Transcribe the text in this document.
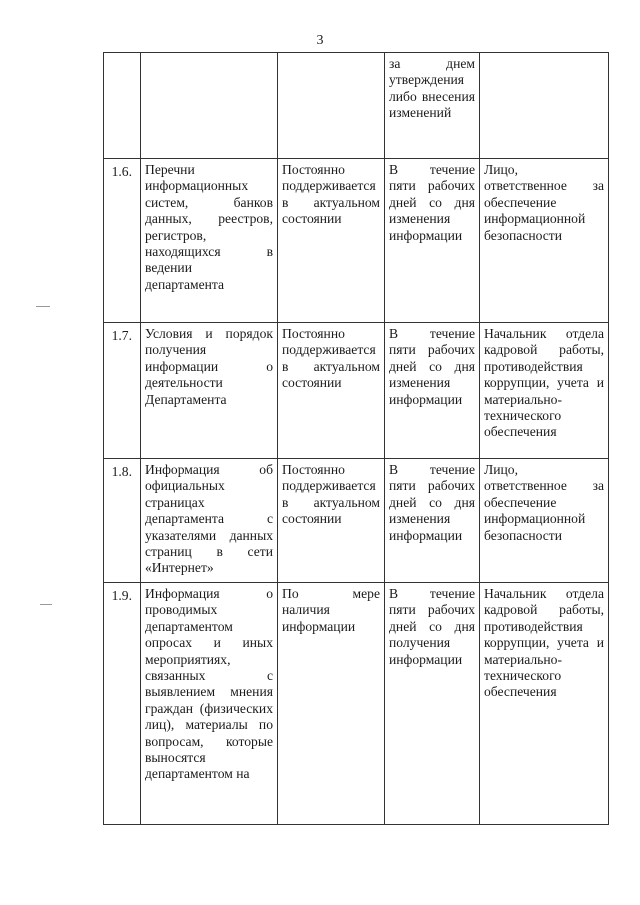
3

			за днем утверждения либо внесения изменений	

1.6.	Перечни информационных систем, банков данных, реестров, регистров, находящихся в ведении департамента	Постоянно поддерживается в актуальном состоянии	В течение пяти рабочих дней со дня изменения информации	Лицо, ответственное за обеспечение информационной безопасности

1.7.	Условия и порядок получения информации о деятельности Департамента	Постоянно поддерживается в актуальном состоянии	В течение пяти рабочих дней со дня изменения информации	Начальник отдела кадровой работы, противодействия коррупции, учета и материально-технического обеспечения

1.8.	Информация об официальных страницах департамента с указателями данных страниц в сети «Интернет»	Постоянно поддерживается в актуальном состоянии	В течение пяти рабочих дней со дня изменения информации	Лицо, ответственное за обеспечение информационной безопасности

1.9.	Информация о проводимых департаментом опросах и иных мероприятиях, связанных с выявлением мнения граждан (физических лиц), материалы по вопросам, которые выносятся департаментом на	По мере наличия информации	В течение пяти рабочих дней со дня получения информации	Начальник отдела кадровой работы, противодействия коррупции, учета и материально-технического обеспечения
